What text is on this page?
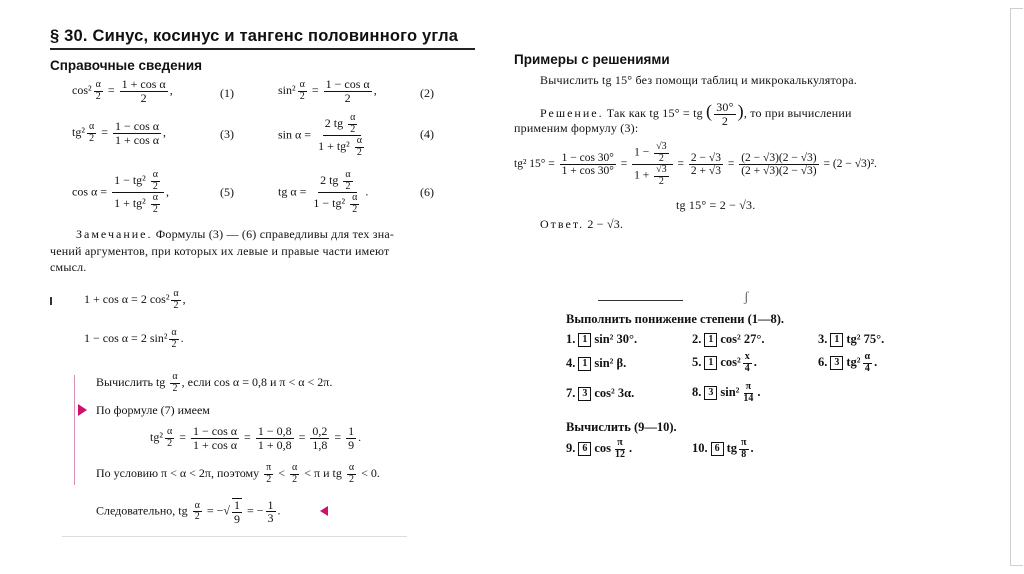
§ 30. Синус, косинус и тангенс половинного угла
Справочные сведения
$\cos^2 \frac{\alpha}{2} = \frac{\text{1 + cos α}}{2}$ ,	(1)	$\sin^2 \frac{\alpha}{2} = \frac{\text{1 − cos α}}{2}$ ,	(2)
$tg^2 \frac{\alpha}{2} = \frac{\text{1 − cos α}}{\text{1 + cos α}}$ ,	(3)	$\sin \alpha = \frac{2 tg \frac{\alpha}{2}}{1 + tg^2 \frac{\alpha}{2}}$	(4)
$\cos \alpha = \frac{1 - tg^2 \frac{\alpha}{2}}{1 + tg^2 \frac{\alpha}{2}}$ ,	(5)	tg $\alpha = \frac{2 tg \frac{\alpha}{2}}{1 - tg^2 \frac{\alpha}{2}}$ .	(6)
Замечание. Формулы (3) — (6) справедливы для тех зна-
чений аргументов, при которых их левые и правые части имеют
смысл.
1 + cos α = 2 $\cos^2 \frac{\alpha}{2}$ ,
1 − cos α = 2 $\sin^2 \frac{\alpha}{2}$ .
Вычислить tg $\frac{\alpha}{2}$ , если cos α = 0,8 и π < α < 2π.
По формуле (7) имеем
$tg^2 \frac{\alpha}{2} = \frac{\text{1 − cos α}}{\text{1 + cos α}} = \frac{1 - 0,8}{1 + 0,8} = \frac{0,2}{1,8} = \frac{1}{9}$ .
По условию π < α < 2π, поэтому $\frac{\pi}{2} < \frac{\alpha}{2} < \pi$ и tg $\frac{\alpha}{2} < 0$.
Следовательно, tg $\frac{\alpha}{2}$ = −√ $\frac{1}{9}$ = − $\frac{1}{3}$ .
Примеры с решениями
Вычислить tg 15° без помощи таблиц и микрокалькулятора.
Решение. Так как tg 15° = tg ( $\frac{30^\circ}{2}$ ), то при вычислении
применим формулу (3):
tg² $15^\circ = \frac{1 - \cos 30^\circ}{1 + \cos 30^\circ} = \frac{1 - \frac{√3}{2}}{1 + \frac{√3}{2}} = \frac{2 - √3}{2 + √3} = \frac{(2 - √3)(2 - √3)}{(2 + √3)(2 - √3)} = (2 - √3)^2$.
tg 15° = 2 − √3.
Ответ. 2 − √3.
ʃ
Выполнить понижение степени (1—8).
1. 1 sin² 30°.	2. 1 cos² 27°.	3. 1 tg² 75°.
4. 1 sin² β.	5. 1 $\cos^2 \frac{x}{4}$ .	6. 3 $tg^2 \frac{\alpha}{4}$ .
7. 3 cos² 3α.	8. 3 $\sin^2 \frac{\pi}{14}$ .
Вычислить (9—10).
9. 6 $\cos \frac{\pi}{12}$ .	10. 6 tg $\frac{\pi}{8}$ .
